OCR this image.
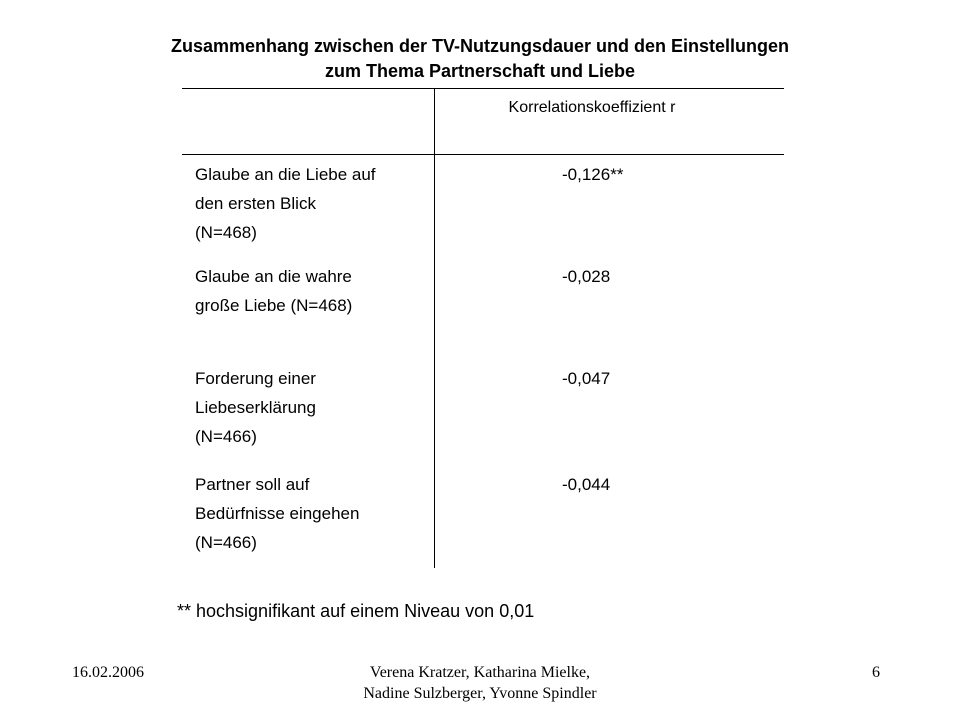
Zusammenhang zwischen der TV-Nutzungsdauer und den Einstellungen
zum Thema Partnerschaft und Liebe
Korrelationskoeffizient r
Glaube an die Liebe auf
den ersten Blick
(N=468)
-0,126**
Glaube an die wahre
große Liebe (N=468)
-0,028
Forderung einer
Liebeserklärung
(N=466)
-0,047
Partner soll auf
Bedürfnisse eingehen
(N=466)
-0,044
** hochsignifikant auf einem Niveau von 0,01
16.02.2006	Verena Kratzer, Katharina Mielke,
Nadine Sulzberger, Yvonne Spindler
6
